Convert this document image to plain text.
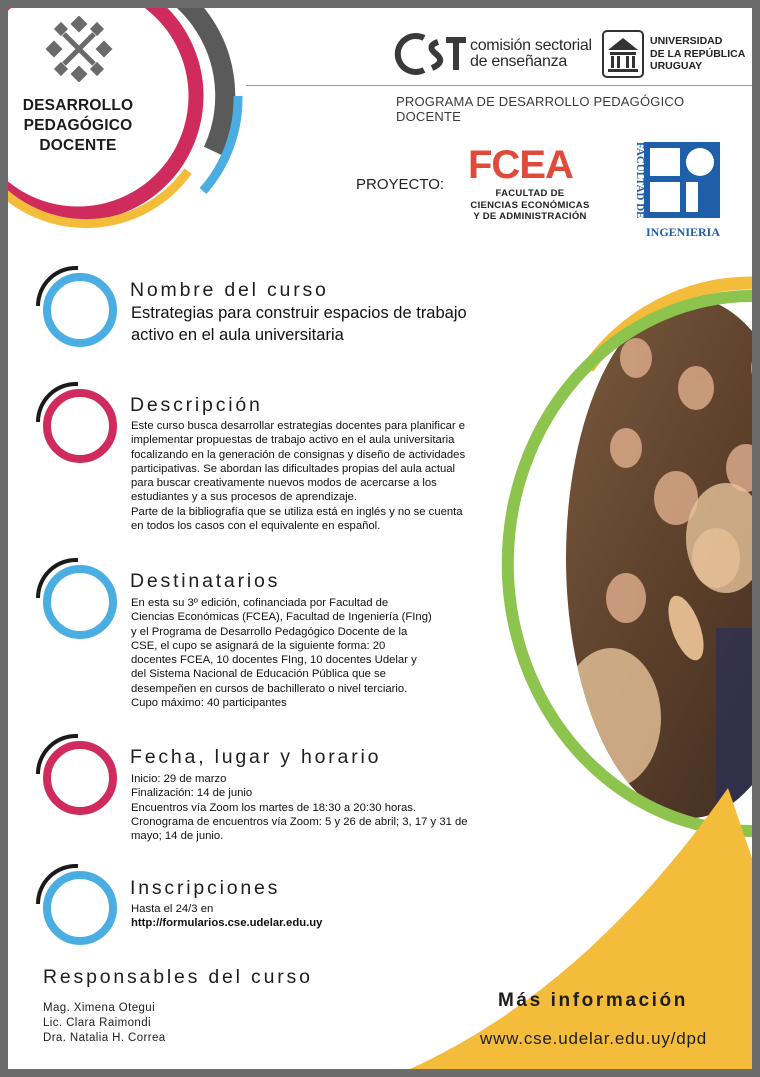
DESARROLLO
PEDAGÓGICO
DOCENTE
comisión sectorial
de enseñanza
UNIVERSIDAD
DE LA REPÚBLICA
URUGUAY
PROGRAMA DE DESARROLLO PEDAGÓGICO DOCENTE
PROYECTO: FCEA
FACULTAD DE
CIENCIAS ECONÓMICAS
Y DE ADMINISTRACIÓN	FACULTAD DE
INGENIERIA
Nombre del curso
Estrategias para construir espacios de trabajo
activo en el aula universitaria
Descripción
Este curso busca desarrollar estrategias docentes para planificar e
implementar propuestas de trabajo activo en el aula universitaria
focalizando en la generación de consignas y diseño de actividades
participativas. Se abordan las dificultades propias del aula actual
para buscar creativamente nuevos modos de acercarse a los
estudiantes y a sus procesos de aprendizaje.
Parte de la bibliografía que se utiliza está en inglés y no se cuenta
en todos los casos con el equivalente en español.
Destinatarios
En esta su 3º edición, cofinanciada por Facultad de
Ciencias Económicas (FCEA), Facultad de Ingeniería (FIng)
y el Programa de Desarrollo Pedagógico Docente de la
CSE, el cupo se asignará de la siguiente forma: 20
docentes FCEA, 10 docentes FIng, 10 docentes Udelar y
del Sistema Nacional de Educación Pública que se
desempeñen en cursos de bachillerato o nivel terciario.
Cupo máximo: 40 participantes
Fecha, lugar y horario
Inicio: 29 de marzo
Finalización: 14 de junio
Encuentros vía Zoom los martes de 18:30 a 20:30 horas.
Cronograma de encuentros vía Zoom: 5 y 26 de abril; 3, 17 y 31 de
mayo; 14 de junio.
Inscripciones
Hasta el 24/3 en
http://formularios.cse.udelar.edu.uy
Responsables del curso
Mag. Ximena Otegui
Lic. Clara Raimondi
Dra. Natalia H. Correa
Más información
www.cse.udelar.edu.uy/dpd
